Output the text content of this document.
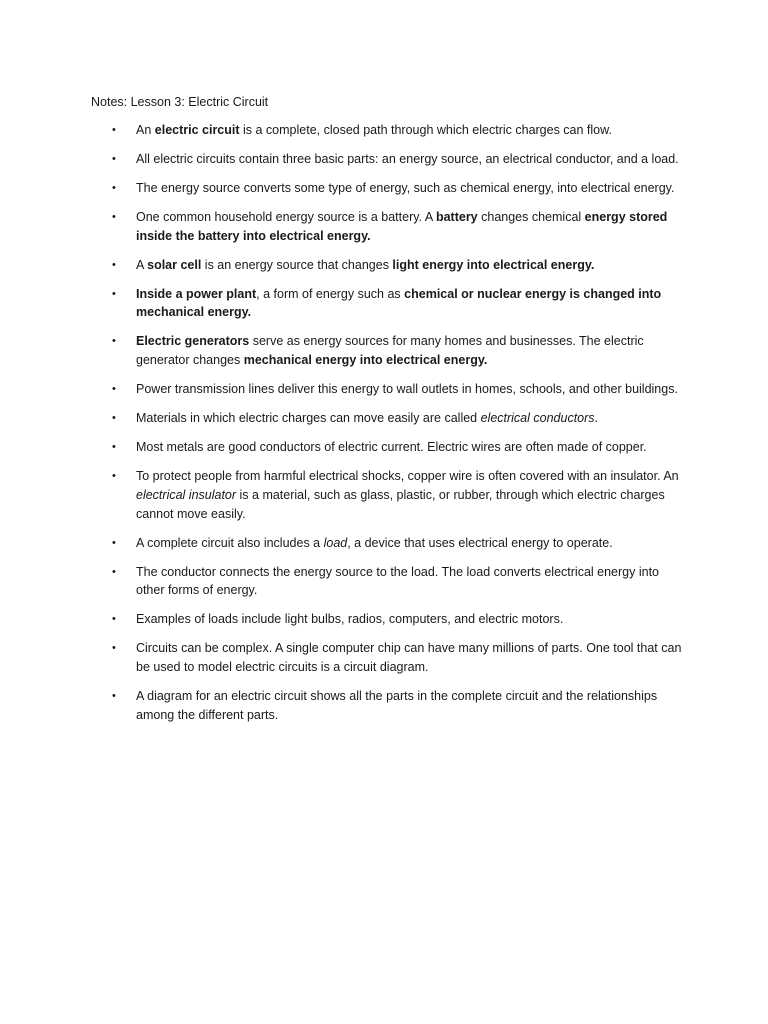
Notes: Lesson 3: Electric Circuit
•	An electric circuit is a complete, closed path through which electric charges can flow.
•	All electric circuits contain three basic parts: an energy source, an electrical conductor, and a load.
•	The energy source converts some type of energy, such as chemical energy, into electrical energy.
•	One common household energy source is a battery. A battery changes chemical energy stored inside the battery into electrical energy.
•	A solar cell is an energy source that changes light energy into electrical energy.
•	Inside a power plant, a form of energy such as chemical or nuclear energy is changed into mechanical energy.
•	Electric generators serve as energy sources for many homes and businesses. The electric generator changes mechanical energy into electrical energy.
•	Power transmission lines deliver this energy to wall outlets in homes, schools, and other buildings.
•	Materials in which electric charges can move easily are called electrical conductors.
•	Most metals are good conductors of electric current. Electric wires are often made of copper.
•	To protect people from harmful electrical shocks, copper wire is often covered with an insulator. An electrical insulator is a material, such as glass, plastic, or rubber, through which electric charges cannot move easily.
•	A complete circuit also includes a load, a device that uses electrical energy to operate.
•	The conductor connects the energy source to the load. The load converts electrical energy into other forms of energy.
•	Examples of loads include light bulbs, radios, computers, and electric motors.
•	Circuits can be complex. A single computer chip can have many millions of parts. One tool that can be used to model electric circuits is a circuit diagram.
•	A diagram for an electric circuit shows all the parts in the complete circuit and the relationships among the different parts.
